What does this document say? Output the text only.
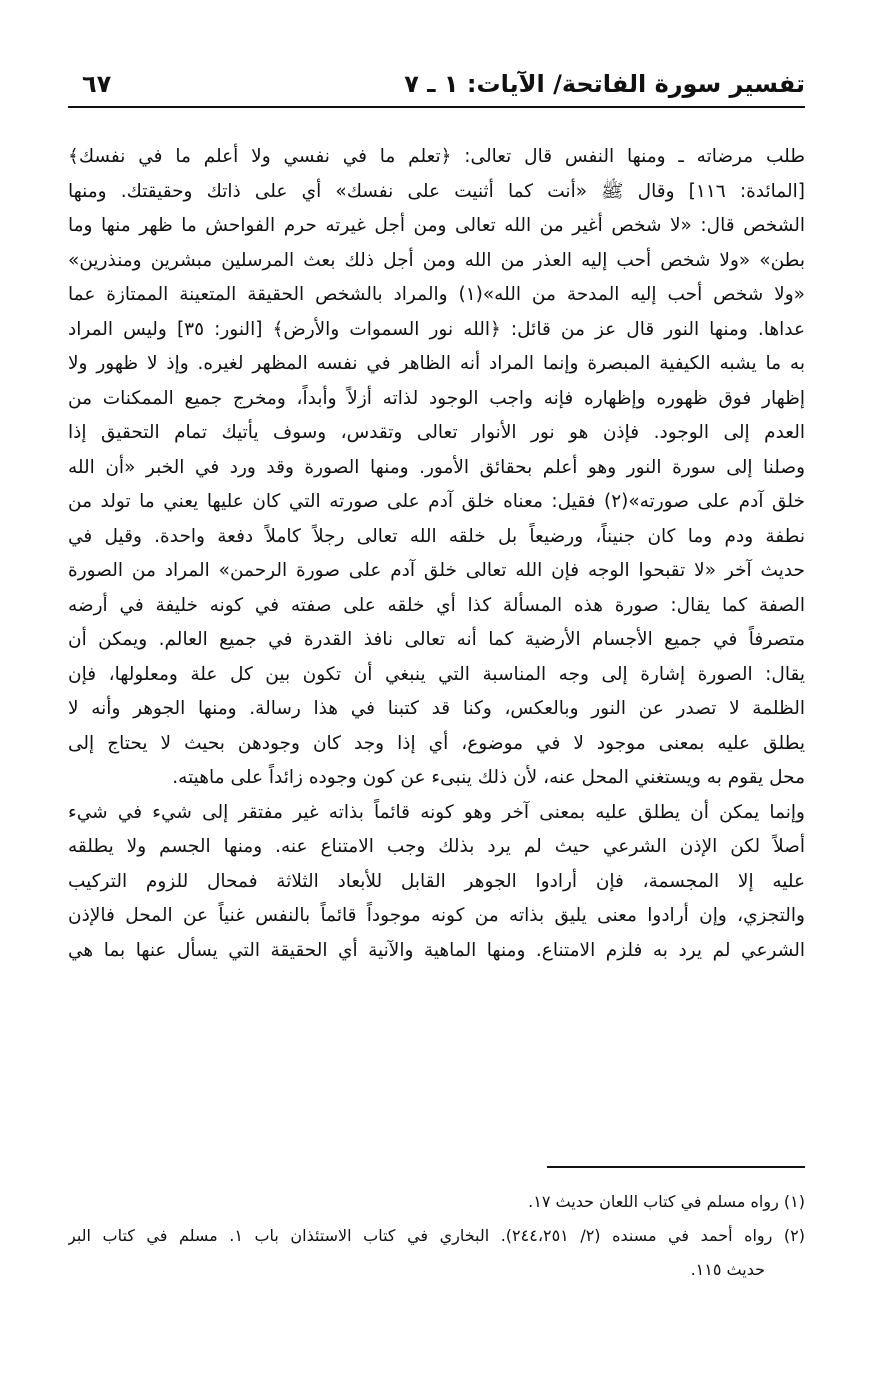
تفسير سورة الفاتحة/ الآيات: ١ ـ ٧
٦٧
طلب مرضاته ـ ومنها النفس قال تعالى: ﴿تعلم ما في نفسي ولا أعلم ما في نفسك﴾
[المائدة: ١١٦] وقال ﷺ «أنت كما أثنيت على نفسك» أي على ذاتك وحقيقتك. ومنها
الشخص قال: «لا شخص أغير من الله تعالى ومن أجل غيرته حرم الفواحش ما ظهر منها وما
بطن» «ولا شخص أحب إليه العذر من الله ومن أجل ذلك بعث المرسلين مبشرين ومنذرين»
«ولا شخص أحب إليه المدحة من الله»(١) والمراد بالشخص الحقيقة المتعينة الممتازة عما
عداها. ومنها النور قال عز من قائل: ﴿الله نور السموات والأرض﴾ [النور: ٣٥] وليس المراد
به ما يشبه الكيفية المبصرة وإنما المراد أنه الظاهر في نفسه المظهر لغيره. وإذ لا ظهور ولا
إظهار فوق ظهوره وإظهاره فإنه واجب الوجود لذاته أزلاً وأبداً، ومخرج جميع الممكنات من
العدم إلى الوجود. فإذن هو نور الأنوار تعالى وتقدس، وسوف يأتيك تمام التحقيق إذا
وصلنا إلى سورة النور وهو أعلم بحقائق الأمور. ومنها الصورة وقد ورد في الخبر «أن الله
خلق آدم على صورته»(٢) فقيل: معناه خلق آدم على صورته التي كان عليها يعني ما تولد من
نطفة ودم وما كان جنيناً، ورضيعاً بل خلقه الله تعالى رجلاً كاملاً دفعة واحدة. وقيل في
حديث آخر «لا تقبحوا الوجه فإن الله تعالى خلق آدم على صورة الرحمن» المراد من الصورة
الصفة كما يقال: صورة هذه المسألة كذا أي خلقه على صفته في كونه خليفة في أرضه
متصرفاً في جميع الأجسام الأرضية كما أنه تعالى نافذ القدرة في جميع العالم. ويمكن أن
يقال: الصورة إشارة إلى وجه المناسبة التي ينبغي أن تكون بين كل علة ومعلولها، فإن
الظلمة لا تصدر عن النور وبالعكس، وكنا قد كتبنا في هذا رسالة. ومنها الجوهر وأنه لا
يطلق عليه بمعنى موجود لا في موضوع، أي إذا وجد كان وجودهن بحيث لا يحتاج إلى
محل يقوم به ويستغني المحل عنه، لأن ذلك ينبىء عن كون وجوده زائداً على ماهيته.
وإنما يمكن أن يطلق عليه بمعنى آخر وهو كونه قائماً بذاته غير مفتقر إلى شيء في شيء
أصلاً لكن الإذن الشرعي حيث لم يرد بذلك وجب الامتناع عنه. ومنها الجسم ولا يطلقه
عليه إلا المجسمة، فإن أرادوا الجوهر القابل للأبعاد الثلاثة فمحال للزوم التركيب
والتجزي، وإن أرادوا معنى يليق بذاته من كونه موجوداً قائماً بالنفس غنياً عن المحل فالإذن
الشرعي لم يرد به فلزم الامتناع. ومنها الماهية والآنية أي الحقيقة التي يسأل عنها بما هي
(١) رواه مسلم في كتاب اللعان حديث ١٧.
(٢) رواه أحمد في مسنده (٢/ ٢٤٤،٢٥١). البخاري في كتاب الاستئذان باب ١. مسلم في كتاب البر
حديث ١١٥.
